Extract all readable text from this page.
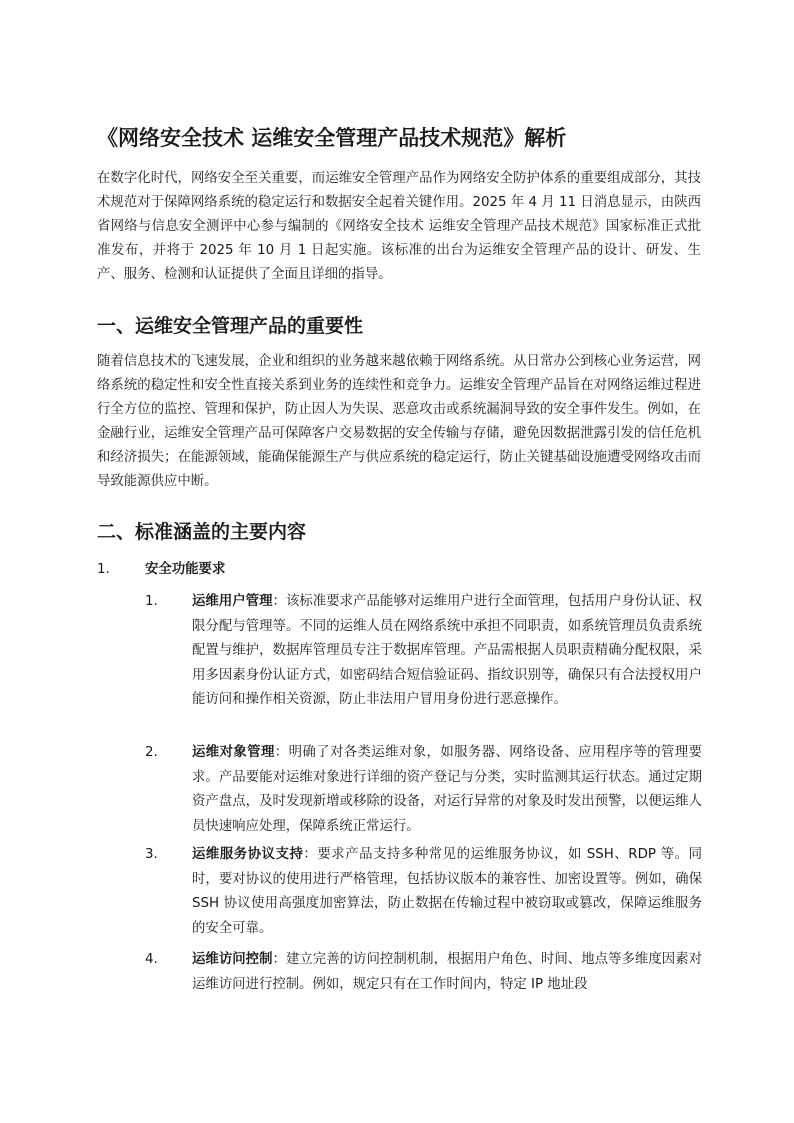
《网络安全技术 运维安全管理产品技术规范》解析

在数字化时代，网络安全至关重要，而运维安全管理产品作为网络安全防护体系的重要组成部分，其技术规范对于保障网络系统的稳定运行和数据安全起着关键作用。2025 年 4 月 11 日消息显示，由陕西省网络与信息安全测评中心参与编制的《网络安全技术 运维安全管理产品技术规范》国家标准正式批准发布，并将于 2025 年 10 月 1 日起实施。该标准的出台为运维安全管理产品的设计、研发、生产、服务、检测和认证提供了全面且详细的指导。

一、运维安全管理产品的重要性

随着信息技术的飞速发展，企业和组织的业务越来越依赖于网络系统。从日常办公到核心业务运营，网络系统的稳定性和安全性直接关系到业务的连续性和竞争力。运维安全管理产品旨在对网络运维过程进行全方位的监控、管理和保护，防止因人为失误、恶意攻击或系统漏洞导致的安全事件发生。例如，在金融行业，运维安全管理产品可保障客户交易数据的安全传输与存储，避免因数据泄露引发的信任危机和经济损失；在能源领域，能确保能源生产与供应系统的稳定运行，防止关键基础设施遭受网络攻击而导致能源供应中断。

二、标准涵盖的主要内容
1.	安全功能要求
1.	运维用户管理：该标准要求产品能够对运维用户进行全面管理，包括用户身份认证、权限分配与管理等。不同的运维人员在网络系统中承担不同职责，如系统管理员负责系统配置与维护，数据库管理员专注于数据库管理。产品需根据人员职责精确分配权限，采用多因素身份认证方式，如密码结合短信验证码、指纹识别等，确保只有合法授权用户能访问和操作相关资源，防止非法用户冒用身份进行恶意操作。

2.	运维对象管理：明确了对各类运维对象，如服务器、网络设备、应用程序等的管理要求。产品要能对运维对象进行详细的资产登记与分类，实时监测其运行状态。通过定期资产盘点，及时发现新增或移除的设备，对运行异常的对象及时发出预警，以便运维人员快速响应处理，保障系统正常运行。

3.	运维服务协议支持：要求产品支持多种常见的运维服务协议，如 SSH、RDP 等。同时，要对协议的使用进行严格管理，包括协议版本的兼容性、加密设置等。例如，确保 SSH 协议使用高强度加密算法，防止数据在传输过程中被窃取或篡改，保障运维服务的安全可靠。

4.	运维访问控制：建立完善的访问控制机制，根据用户角色、时间、地点等多维度因素对运维访问进行控制。例如，规定只有在工作时间内，特定 IP 地址段
